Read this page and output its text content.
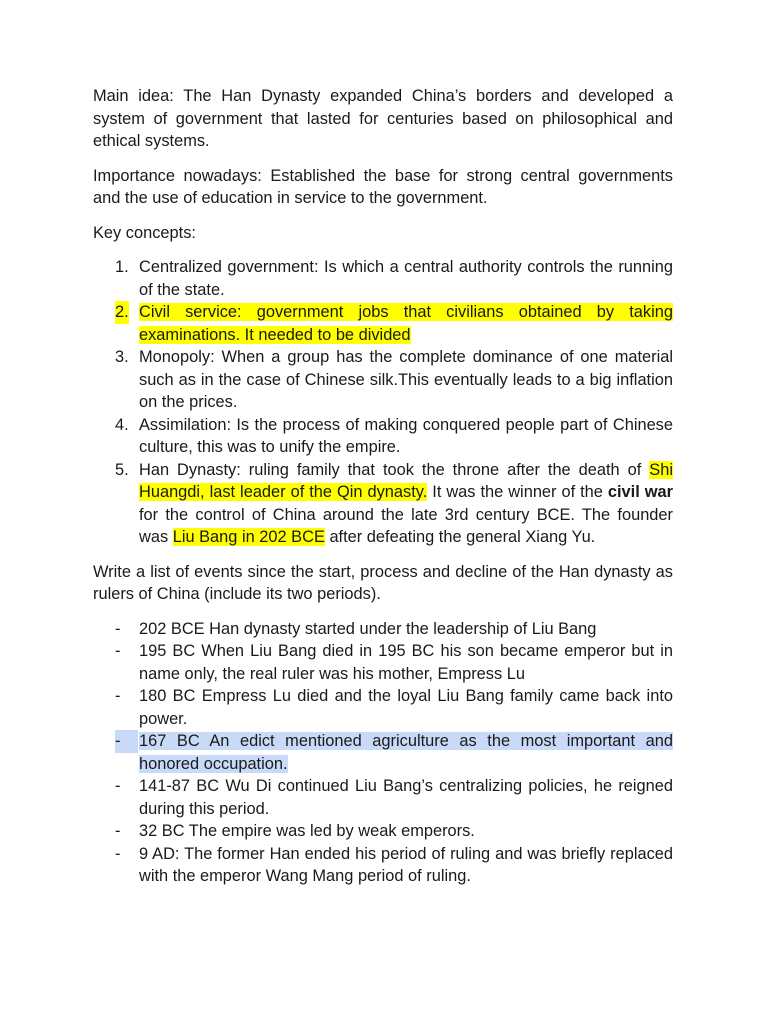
Main idea: The Han Dynasty expanded China’s borders and developed a system of government that lasted for centuries based on philosophical and ethical systems.

Importance nowadays: Established the base for strong central governments and the use of education in service to the government.

Key concepts:

1. Centralized government: Is which a central authority controls the running of the state.
2. Civil service: government jobs that civilians obtained by taking examinations. It needed to be divided
3. Monopoly: When a group has the complete dominance of one material such as in the case of Chinese silk.This eventually leads to a big inflation on the prices.
4. Assimilation: Is the process of making conquered people part of Chinese culture, this was to unify the empire.
5. Han Dynasty: ruling family that took the throne after the death of Shi Huangdi, last leader of the Qin dynasty. It was the winner of the civil war for the control of China around the late 3rd century BCE. The founder was Liu Bang in 202 BCE after defeating the general Xiang Yu.

Write a list of events since the start, process and decline of the Han dynasty as rulers of China (include its two periods).

- 202 BCE Han dynasty started under the leadership of Liu Bang
- 195 BC When Liu Bang died in 195 BC his son became emperor but in name only, the real ruler was his mother, Empress Lu
- 180 BC Empress Lu died and the loyal Liu Bang family came back into power.
-	167 BC An edict mentioned agriculture as the most important and honored occupation.
- 141-87 BC Wu Di continued Liu Bang’s centralizing policies, he reigned during this period.
- 32 BC The empire was led by weak emperors.
- 9 AD: The former Han ended his period of ruling and was briefly replaced with the emperor Wang Mang period of ruling.
